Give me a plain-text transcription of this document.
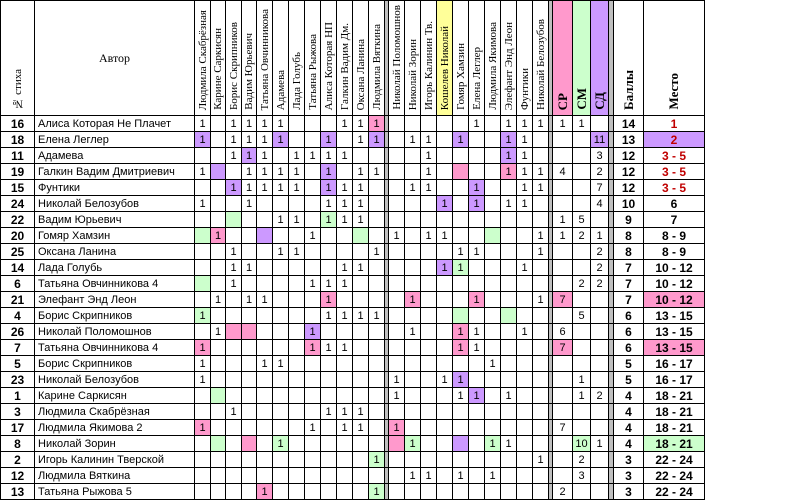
№ стиха	Автор	Людмила Скабрёзная	Карине Саркисян	Борис Скрипников	Вадим Юрьевич	Татьяна Овчинникова	Адамева	Лада Голубь	Татьяна Рыжова	Алиса Которая НП	Галкин Вадим Дм.	Оксана Ланина	Людмила Вяткина		Николай Поломошнов	Николай Зорин	Игорь Калинин Тв.	Кошелев Николай	Гомяр Хамзин	Елена Леглер	Людмила Якимова	Элефант Энд Леон	Фунтики	Николай Белозубов		СР	СМ	СД		Баллы	Место
16	Алиса Которая Не Плачет	1		1	1	1	1				1	1	1							1		1	1	1		1	1			14	1
18	Елена Леглер	1		1	1	1	1			1		1	1			1	1		1			1	1					11		13	2
11	Адамева			1	1	1		1	1	1	1						1					1	1					3		12	3 - 5
19	Галкин Вадим Дмитриевич	1			1	1	1	1		1		1	1				1					1	1	1		4		2		12	3 - 5
15	Фунтики			1	1	1	1	1		1	1	1				1	1			1			1	1				7		12	3 - 5
24	Николай Белозубов	1			1					1	1	1						1		1		1	1					4		10	6
22	Вадим Юрьевич						1	1		1	1	1														1	5			9	7
20	Гомяр Хамзин		1						1						1		1	1						1		1	2	1		8	8 - 9
25	Оксана Ланина			1			1	1					1						1	1				1				2		8	8 - 9
14	Лада Голубь			1	1						1	1						1	1				1					2		7	10 - 12
6	Татьяна Овчинникова 4			1					1	1	1																2	2		7	10 - 12
21	Элефант Энд Леон		1		1	1				1						1				1				1		7				7	10 - 12
4	Борис Скрипников	1								1	1	1	1														5			6	13 - 15
26	Николай Поломошнов		1						1							1			1	1			1			6				6	13 - 15
7	Татьяна Овчинникова 4	1							1	1	1								1	1						7				6	13 - 15
5	Борис Скрипников	1				1	1														1									5	16 - 17
23	Николай Белозубов	1													1			1	1								1			5	16 - 17
1	Карине Саркисян														1				1	1		1					1	2		4	18 - 21
3	Людмила Скабрёзная			1						1	1	1																		4	18 - 21
17	Людмила Якимова 2	1							1		1	1			1											7				4	18 - 21
8	Николай Зорин						1									1					1	1					10	1		4	18 - 21
2	Игорь Калинин Тверской												1											1			2			3	22 - 24
12	Людмила Вяткина															1	1		1		1						3			3	22 - 24
13	Татьяна Рыжова 5					1							1													2				3	22 - 24
